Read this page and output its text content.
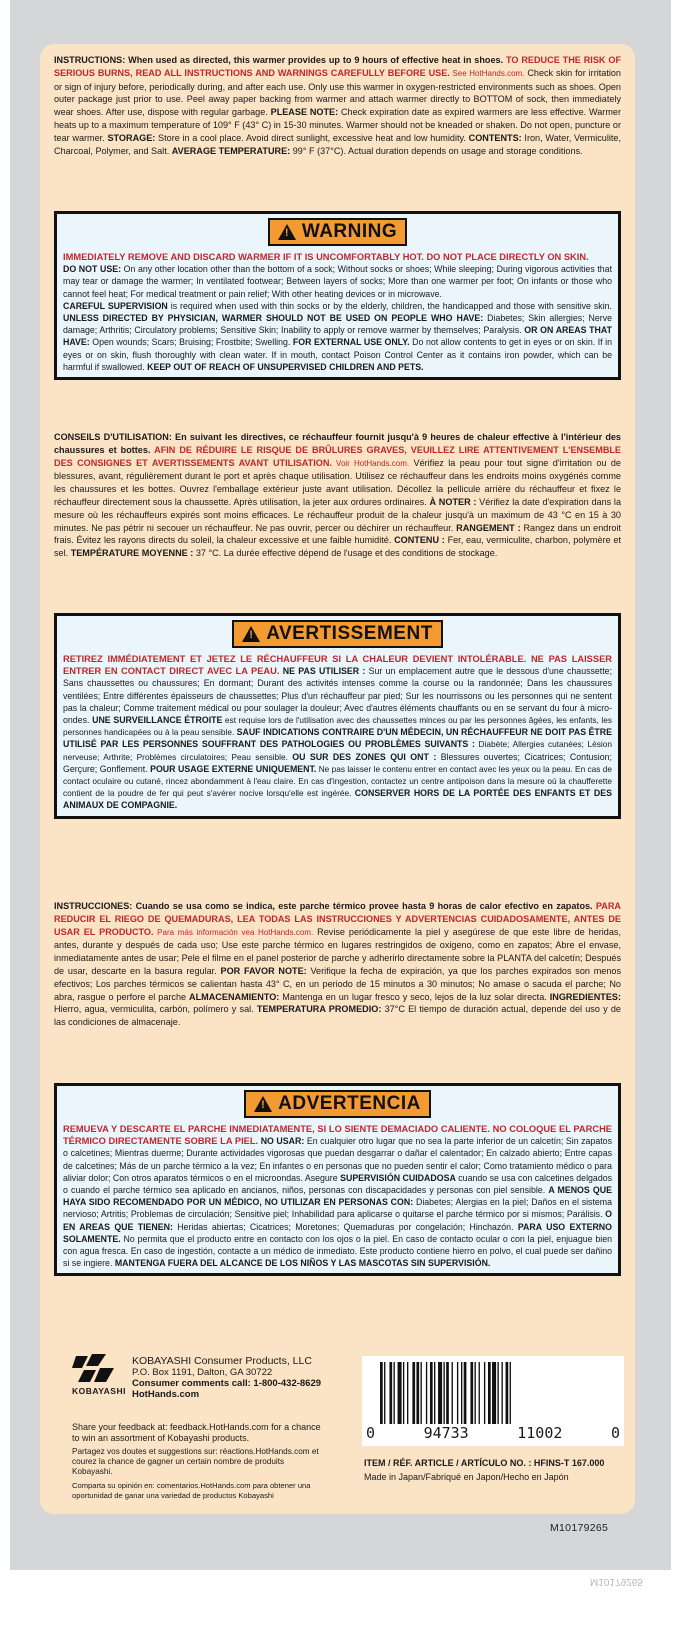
INSTRUCTIONS: When used as directed, this warmer provides up to 9 hours of effective heat in shoes. TO REDUCE THE RISK OF SERIOUS BURNS, READ ALL INSTRUCTIONS AND WARNINGS CAREFULLY BEFORE USE. See HotHands.com. Check skin for irritation or sign of injury before, periodically during, and after each use. Only use this warmer in oxygen-restricted environments such as shoes. Open outer package just prior to use. Peel away paper backing from warmer and attach warmer directly to BOTTOM of sock, then immediately wear shoes. After use, dispose with regular garbage. PLEASE NOTE: Check expiration date as expired warmers are less effective. Warmer heats up to a maximum temperature of 109° F (43° C) in 15-30 minutes. Warmer should not be kneaded or shaken. Do not open, puncture or tear warmer. STORAGE: Store in a cool place. Avoid direct sunlight, excessive heat and low humidity. CONTENTS: Iron, Water, Vermiculite, Charcoal, Polymer, and Salt. AVERAGE TEMPERATURE: 99° F (37°C). Actual duration depends on usage and storage conditions.
! WARNING
IMMEDIATELY REMOVE AND DISCARD WARMER IF IT IS UNCOMFORTABLY HOT. DO NOT PLACE DIRECTLY ON SKIN.
DO NOT USE: On any other location other than the bottom of a sock; Without socks or shoes; While sleeping; During vigorous activities that may tear or damage the warmer; In ventilated footwear; Between layers of socks; More than one warmer per foot; On infants or those who cannot feel heat; For medical treatment or pain relief; With other heating devices or in microwave.
CAREFUL SUPERVISION is required when used with thin socks or by the elderly, children, the handicapped and those with sensitive skin. UNLESS DIRECTED BY PHYSICIAN, WARMER SHOULD NOT BE USED ON PEOPLE WHO HAVE: Diabetes; Skin allergies; Nerve damage; Arthritis; Circulatory problems; Sensitive Skin; Inability to apply or remove warmer by themselves; Paralysis. OR ON AREAS THAT HAVE: Open wounds; Scars; Bruising; Frostbite; Swelling. FOR EXTERNAL USE ONLY. Do not allow contents to get in eyes or on skin. If in eyes or on skin, flush thoroughly with clean water. If in mouth, contact Poison Control Center as it contains iron powder, which can be harmful if swallowed. KEEP OUT OF REACH OF UNSUPERVISED CHILDREN AND PETS.
CONSEILS D'UTILISATION: En suivant les directives, ce réchauffeur fournit jusqu'à 9 heures de chaleur effective à l'intérieur des chaussures et bottes. AFIN DE RÉDUIRE LE RISQUE DE BRÛLURES GRAVES, VEUILLEZ LIRE ATTENTIVEMENT L'ENSEMBLE DES CONSIGNES ET AVERTISSEMENTS AVANT UTILISATION. Voir HotHands.com. Vérifiez la peau pour tout signe d'irritation ou de blessures, avant, régulièrement durant le port et après chaque utilisation. Utilisez ce réchauffeur dans les endroits moins oxygénés comme les chaussures et les bottes. Ouvrez l'emballage extérieur juste avant utilisation. Décollez la pellicule arrière du réchauffeur et fixez le réchauffeur directement sous la chaussette. Après utilisation, la jeter aux ordures ordinaires. À NOTER : Vérifiez la date d'expiration dans la mesure où les réchauffeurs expirés sont moins efficaces. Le réchauffeur produit de la chaleur jusqu'à un maximum de 43 °C en 15 à 30 minutes. Ne pas pétrir ni secouer un réchauffeur. Ne pas ouvrir, percer ou déchirer un réchauffeur. RANGEMENT : Rangez dans un endroit frais. Évitez les rayons directs du soleil, la chaleur excessive et une faible humidité. CONTENU : Fer, eau, vermiculite, charbon, polymère et sel. TEMPÉRATURE MOYENNE : 37 °C. La durée effective dépend de l'usage et des conditions de stockage.
! AVERTISSEMENT
RETIREZ IMMÉDIATEMENT ET JETEZ LE RÉCHAUFFEUR SI LA CHALEUR DEVIENT INTOLÉRABLE. NE PAS LAISSER ENTRER EN CONTACT DIRECT AVEC LA PEAU. NE PAS UTILISER : Sur un emplacement autre que le dessous d'une chaussette; Sans chaussettes ou chaussures; En dormant; Durant des activités intenses comme la course ou la randonnée; Dans les chaussures ventilées; Entre différentes épaisseurs de chaussettes; Plus d'un réchauffeur par pied; Sur les nourrissons ou les personnes qui ne sentent pas la chaleur; Comme traitement médical ou pour soulager la douleur; Avec d'autres éléments chauffants ou en se servant du four à micro-ondes. UNE SURVEILLANCE ÉTROITE est requise lors de l'utilisation avec des chaussettes minces ou par les personnes âgées, les enfants, les personnes handicapées ou à la peau sensible. SAUF INDICATIONS CONTRAIRE D'UN MÉDECIN, UN RÉCHAUFFEUR NE DOIT PAS ÊTRE UTILISÉ PAR LES PERSONNES SOUFFRANT DES PATHOLOGIES OU PROBLÈMES SUIVANTS : Diabète; Allergies cutanées; Lésion nerveuse; Arthrite; Problèmes circulatoires; Peau sensible. OU SUR DES ZONES QUI ONT : Blessures ouvertes; Cicatrices; Contusion; Gerçure; Gonflement. POUR USAGE EXTERNE UNIQUEMENT. Ne pas laisser le contenu entrer en contact avec les yeux ou la peau. En cas de contact oculaire ou cutané, rincez abondamment à l'eau claire. En cas d'ingestion, contactez un centre antipoison dans la mesure où la chaufferette contient de la poudre de fer qui peut s'avérer nocive lorsqu'elle est ingérée. CONSERVER HORS DE LA PORTÉE DES ENFANTS ET DES ANIMAUX DE COMPAGNIE.
INSTRUCCIONES: Cuando se usa como se indica, este parche térmico provee hasta 9 horas de calor efectivo en zapatos. PARA REDUCIR EL RIEGO DE QUEMADURAS, LEA TODAS LAS INSTRUCCIONES Y ADVERTENCIAS CUIDADOSAMENTE, ANTES DE USAR EL PRODUCTO. Para más información vea HotHands.com. Revise periódicamente la piel y asegúrese de que este libre de heridas, antes, durante y después de cada uso; Use este parche térmico en lugares restringidos de oxigeno, como en zapatos; Abre el envase, inmediatamente antes de usar; Pele el filme en el panel posterior de parche y adherirlo directamente sobre la PLANTA del calcetín; Después de usar, descarte en la basura regular. POR FAVOR NOTE: Verifique la fecha de expiración, ya que los parches expirados son menos efectivos; Los parches térmicos se calientan hasta 43° C, en un periodo de 15 minutos a 30 minutos; No amase o sacuda el parche; No abra, rasgue o perfore el parche ALMACENAMIENTO: Mantenga en un lugar fresco y seco, lejos de la luz solar directa. INGREDIENTES: Hierro, agua, vermiculita, carbón, polímero y sal. TEMPERATURA PROMEDIO: 37°C El tiempo de duración actual, depende del uso y de las condiciones de almacenaje.
! ADVERTENCIA
REMUEVA Y DESCARTE EL PARCHE INMEDIATAMENTE, SI LO SIENTE DEMACIADO CALIENTE. NO COLOQUE EL PARCHE TÉRMICO DIRECTAMENTE SOBRE LA PIEL. NO USAR: En cualquier otro lugar que no sea la parte inferior de un calcetín; Sin zapatos o calcetines; Mientras duerme; Durante actividades vigorosas que puedan desgarrar o dañar el calentador; En calzado abierto; Entre capas de calcetines; Más de un parche térmico a la vez; En infantes o en personas que no pueden sentir el calor; Como tratamiento médico o para aliviar dolor; Con otros aparatos térmicos o en el microondas. Asegure SUPERVISIÓN CUIDADOSA cuando se usa con calcetines delgados o cuando el parche térmico sea aplicado en ancianos, niños, personas con discapacidades y personas con piel sensible. A MENOS QUE HAYA SIDO RECOMENDADO POR UN MÉDICO, NO UTILIZAR EN PERSONAS CON: Diabetes; Alergias en la piel; Daños en el sistema nervioso; Artritis; Problemas de circulación; Sensitive piel; Inhabilidad para aplicarse o quitarse el parche térmico por si mismos; Parálisis. O EN AREAS QUE TIENEN: Heridas abiertas; Cicatrices; Moretones; Quemaduras por congelación; Hinchazón. PARA USO EXTERNO SOLAMENTE. No permita que el producto entre en contacto con los ojos o la piel. En caso de contacto ocular o con la piel, enjuague bien con agua fresca. En caso de ingestión, contacte a un médico de inmediato. Este producto contiene hierro en polvo, el cual puede ser dañino si se ingiere. MANTENGA FUERA DEL ALCANCE DE LOS NIÑOS Y LAS MASCOTAS SIN SUPERVISIÓN.
KOBAYASHI
KOBAYASHI Consumer Products, LLC
P.O. Box 1191, Dalton, GA 30722
Consumer comments call: 1-800-432-8629
HotHands.com
Share your feedback at: feedback.HotHands.com for a chance to win an assortment of Kobayashi products.
Partagez vos doutes et suggestions sur: réactions.HotHands.com et courez la chance de gagner un certain nombre de produits Kobayashi.
Comparta su opinión en: comentarios.HotHands.com para obtener una oportunidad de ganar una variedad de productos Kobayashi
0	94733	11002	0
ITEM / RÉF. ARTICLE / ARTÍCULO NO. : HFINS-T 167.000
Made in Japan/Fabriqué en Japon/Hecho en Japón
M10179265
M10179265
